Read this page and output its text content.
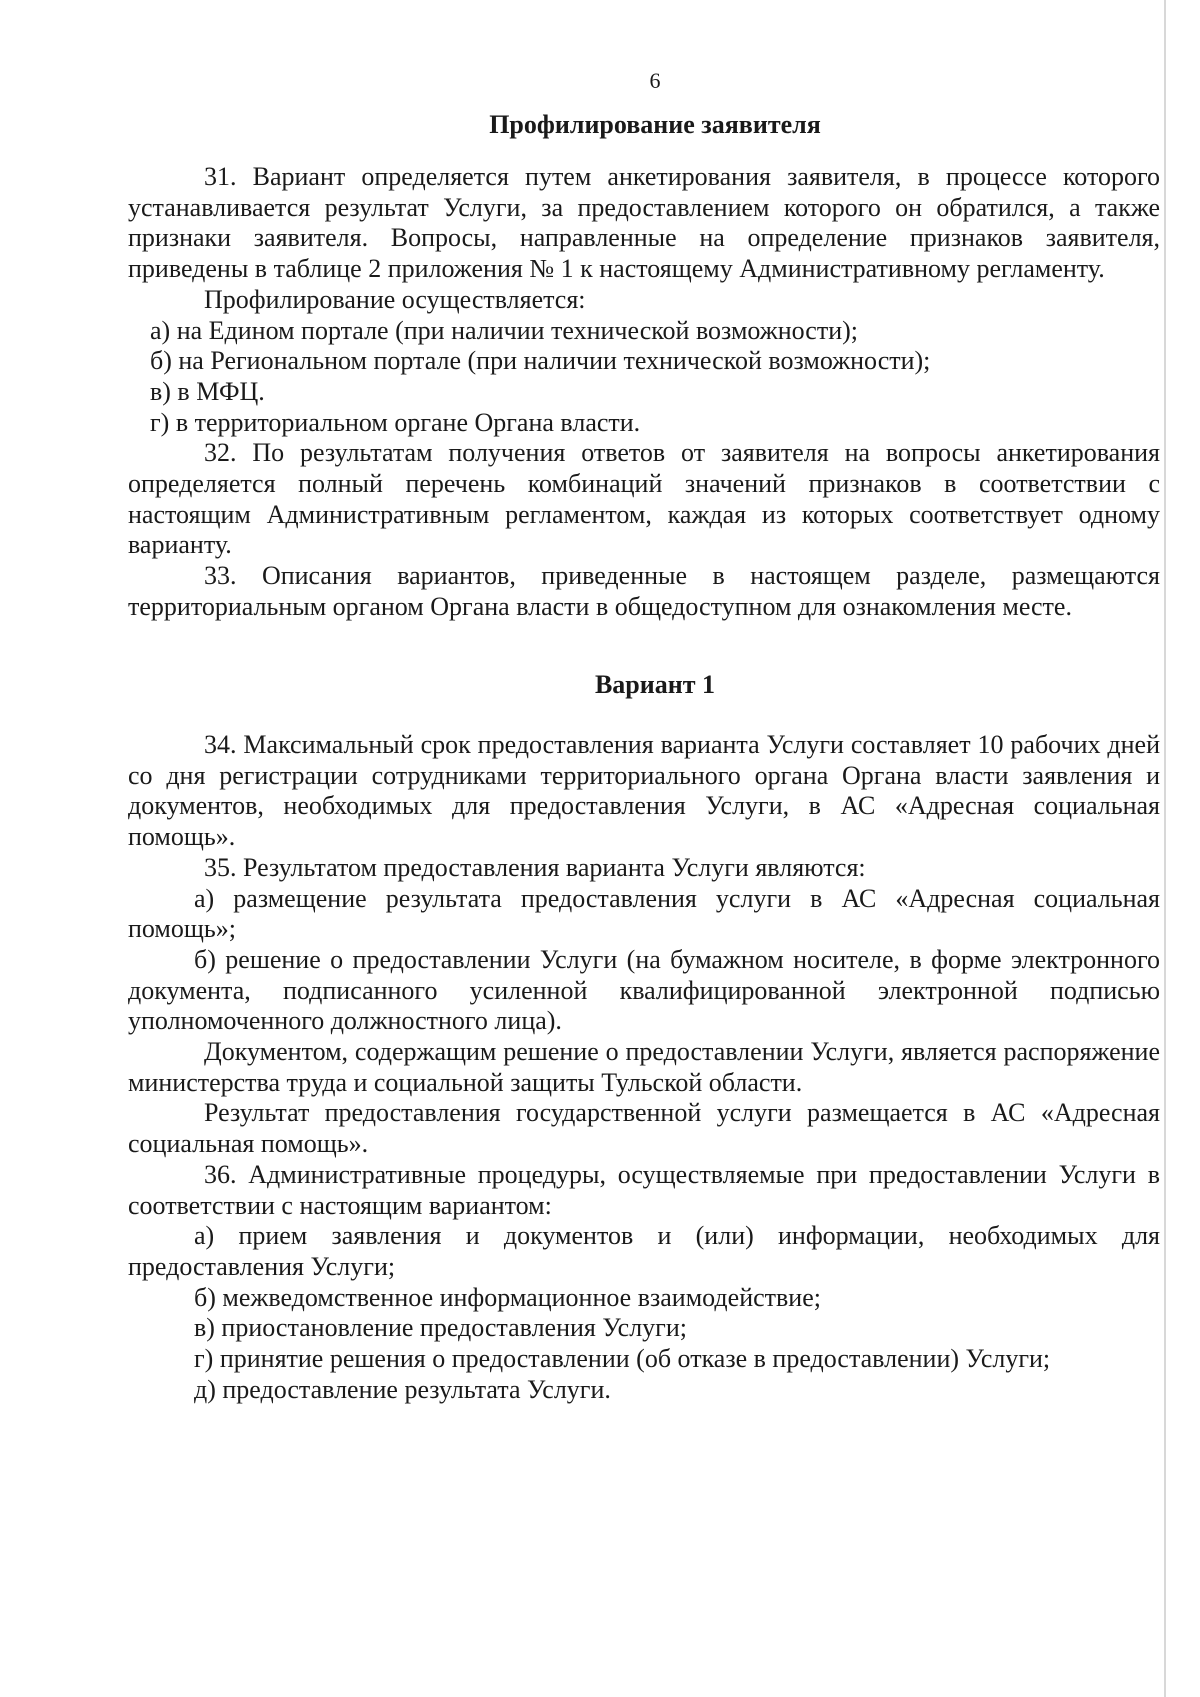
6
Профилирование заявителя

31. Вариант определяется путем анкетирования заявителя, в процессе которого устанавливается результат Услуги, за предоставлением которого он обратился, а также признаки заявителя. Вопросы, направленные на определение признаков заявителя, приведены в таблице 2 приложения № 1 к настоящему Административному регламенту.

Профилирование осуществляется:

а) на Едином портале (при наличии технической возможности);

б) на Региональном портале (при наличии технической возможности);

в) в МФЦ.

г) в территориальном органе Органа власти.

32. По результатам получения ответов от заявителя на вопросы анкетирования определяется полный перечень комбинаций значений признаков в соответствии с настоящим Административным регламентом, каждая из которых соответствует одному варианту.

33. Описания вариантов, приведенные в настоящем разделе, размещаются территориальным органом Органа власти в общедоступном для ознакомления месте.

Вариант 1

34. Максимальный срок предоставления варианта Услуги составляет 10 рабочих дней со дня регистрации сотрудниками территориального органа Органа власти заявления и документов, необходимых для предоставления Услуги, в АС «Адресная социальная помощь».

35. Результатом предоставления варианта Услуги являются:

а) размещение результата предоставления услуги в АС «Адресная социальная помощь»;

б) решение о предоставлении Услуги (на бумажном носителе, в форме электронного документа, подписанного усиленной квалифицированной электронной подписью уполномоченного должностного лица).

Документом, содержащим решение о предоставлении Услуги, является распоряжение министерства труда и социальной защиты Тульской области.

Результат предоставления государственной услуги размещается в АС «Адресная социальная помощь».

36. Административные процедуры, осуществляемые при предоставлении Услуги в соответствии с настоящим вариантом:

а) прием заявления и документов и (или) информации, необходимых для предоставления Услуги;

б) межведомственное информационное взаимодействие;

в) приостановление предоставления Услуги;

г) принятие решения о предоставлении (об отказе в предоставлении) Услуги;

д) предоставление результата Услуги.
